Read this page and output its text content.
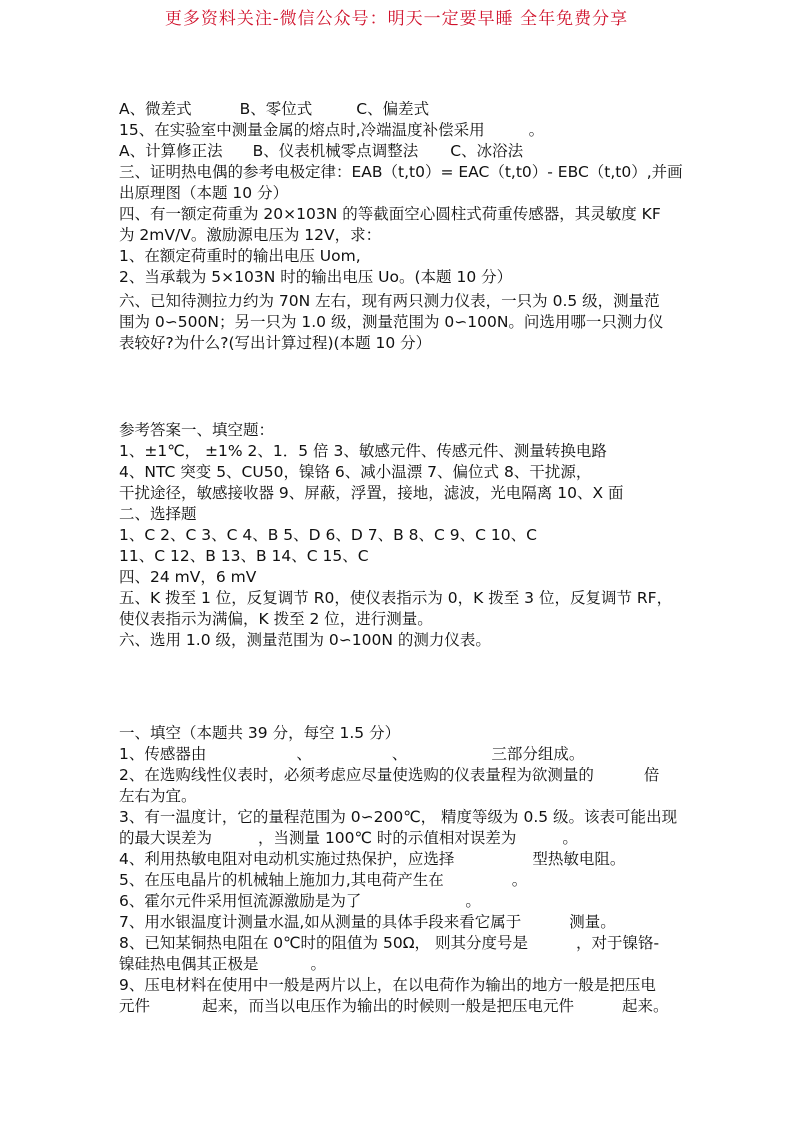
更多资料关注-微信公众号：明天一定要早睡 全年免费分享
A、微差式	B、零位式	C、偏差式
15、在实验室中测量金属的熔点时,冷端温度补偿采用	。
A、计算修正法 B、仪表机械零点调整法 C、冰浴法
三、证明热电偶的参考电极定律：EAB（t,t0）= EAC（t,t0）- EBC（t,t0）,并画
出原理图（本题 10 分）
四、有一额定荷重为 20×103N 的等截面空心圆柱式荷重传感器，其灵敏度 KF
为 2mV/V。激励源电压为 12V，求：
1、在额定荷重时的输出电压 Uom,
2、当承载为 5×103N 时的输出电压 Uo。(本题 10 分）
六、已知待测拉力约为 70N 左右，现有两只测力仪表，一只为 0.5 级，测量范
围为 0∽500N；另一只为 1.0 级，测量范围为 0∽100N。问选用哪一只测力仪
表较好?为什么?(写出计算过程)(本题 10 分）
参考答案一、填空题：
1、±1℃， ±1% 2、1．5 倍 3、敏感元件、传感元件、测量转换电路
4、NTC 突变 5、CU50，镍铬 6、减小温漂 7、偏位式 8、干扰源，
干扰途径，敏感接收器 9、屏蔽，浮置，接地，滤波，光电隔离 10、X 面
二、选择题
1、C 2、C 3、C 4、B 5、D 6、D 7、B 8、C 9、C 10、C
11、C 12、B 13、B 14、C 15、C
四、24 mV，6 mV
五、K 拨至 1 位，反复调节 R0，使仪表指示为 0，K 拨至 3 位，反复调节 RF，
使仪表指示为满偏，K 拨至 2 位，进行测量。
六、选用 1.0 级，测量范围为 0∽100N 的测力仪表。
一、填空（本题共 39 分，每空 1.5 分）
1、传感器由	、	、	三部分组成。
2、在选购线性仪表时，必须考虑应尽量使选购的仪表量程为欲测量的	倍
左右为宜。
3、有一温度计，它的量程范围为 0∽200℃， 精度等级为 0.5 级。该表可能出现
的最大误差为	，当测量 100℃ 时的示值相对误差为	。
4、利用热敏电阻对电动机实施过热保护，应选择	型热敏电阻。
5、在压电晶片的机械轴上施加力,其电荷产生在	。
6、霍尔元件采用恒流源激励是为了	。
7、用水银温度计测量水温,如从测量的具体手段来看它属于	测量。
8、已知某铜热电阻在 0℃时的阻值为 50Ω， 则其分度号是	，对于镍铬-
镍硅热电偶其正极是	。
9、压电材料在使用中一般是两片以上，在以电荷作为输出的地方一般是把压电
元件	起来，而当以电压作为输出的时候则一般是把压电元件	起来。
